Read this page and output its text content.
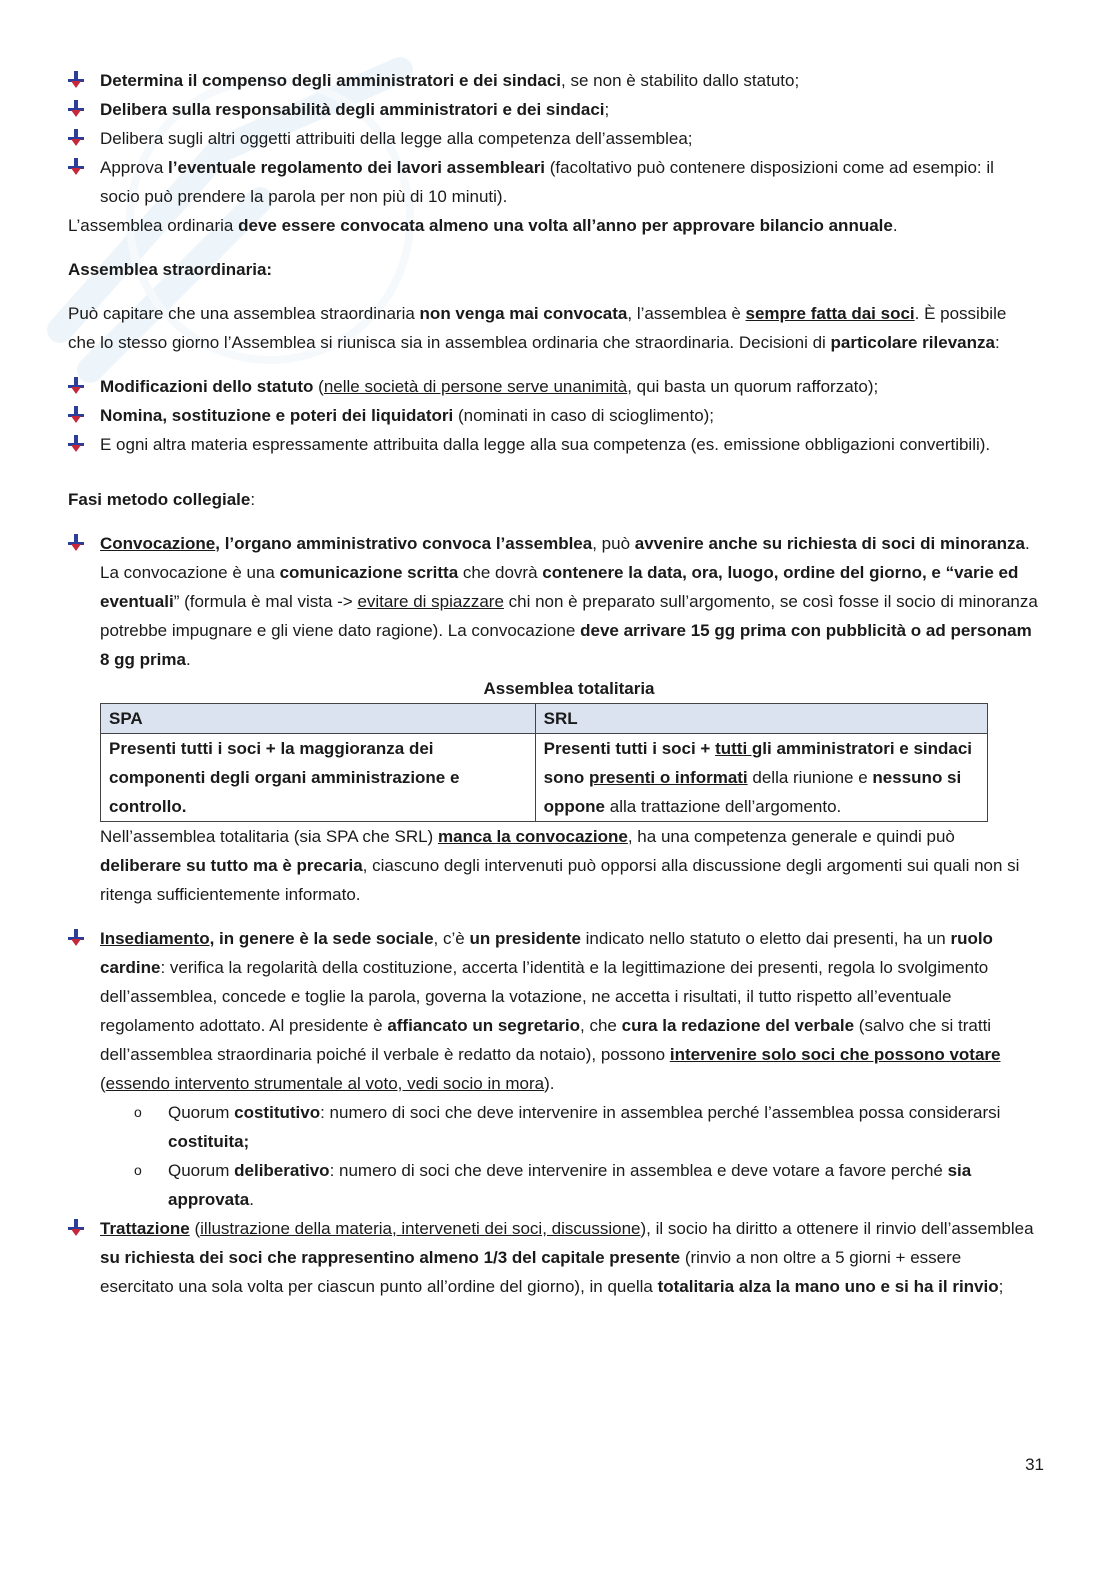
Determina il compenso degli amministratori e dei sindaci, se non è stabilito dallo statuto;
Delibera sulla responsabilità degli amministratori e dei sindaci;
Delibera sugli altri oggetti attribuiti della legge alla competenza dell’assemblea;
Approva l’eventuale regolamento dei lavori assembleari (facoltativo può contenere disposizioni come ad esempio: il socio può prendere la parola per non più di 10 minuti).

L’assemblea ordinaria deve essere convocata almeno una volta all’anno per approvare bilancio annuale.

Assemblea straordinaria:

Può capitare che una assemblea straordinaria non venga mai convocata, l’assemblea è sempre fatta dai soci. È possibile che lo stesso giorno l’Assemblea si riunisca sia in assemblea ordinaria che straordinaria. Decisioni di particolare rilevanza:

Modificazioni dello statuto (nelle società di persone serve unanimità, qui basta un quorum rafforzato);
Nomina, sostituzione e poteri dei liquidatori (nominati in caso di scioglimento);
E ogni altra materia espressamente attribuita dalla legge alla sua competenza (es. emissione obbligazioni convertibili).

Fasi metodo collegiale:

Convocazione, l’organo amministrativo convoca l’assemblea, può avvenire anche su richiesta di soci di minoranza. La convocazione è una comunicazione scritta che dovrà contenere la data, ora, luogo, ordine del giorno, e “varie ed eventuali” (formula è mal vista -> evitare di spiazzare chi non è preparato sull’argomento, se così fosse il socio di minoranza potrebbe impugnare e gli viene dato ragione). La convocazione deve arrivare 15 gg prima con pubblicità o ad personam 8 gg prima.
Assemblea totalitaria
SPA	SRL
Presenti tutti i soci + la maggioranza dei componenti degli organi amministrazione e controllo.	Presenti tutti i soci + tutti gli amministratori e sindaci sono presenti o informati della riunione e nessuno si oppone alla trattazione dell’argomento.

Nell’assemblea totalitaria (sia SPA che SRL) manca la convocazione, ha una competenza generale e quindi può deliberare su tutto ma è precaria, ciascuno degli intervenuti può opporsi alla discussione degli argomenti sui quali non si ritenga sufficientemente informato.

Insediamento, in genere è la sede sociale, c’è un presidente indicato nello statuto o eletto dai presenti, ha un ruolo cardine: verifica la regolarità della costituzione, accerta l’identità e la legittimazione dei presenti, regola lo svolgimento dell’assemblea, concede e toglie la parola, governa la votazione, ne accetta i risultati, il tutto rispetto all’eventuale regolamento adottato. Al presidente è affiancato un segretario, che cura la redazione del verbale (salvo che si tratti dell’assemblea straordinaria poiché il verbale è redatto da notaio), possono intervenire solo soci che possono votare (essendo intervento strumentale al voto, vedi socio in mora).
o Quorum costitutivo: numero di soci che deve intervenire in assemblea perché l’assemblea possa considerarsi costituita;
o Quorum deliberativo: numero di soci che deve intervenire in assemblea e deve votare a favore perché sia approvata.
Trattazione (illustrazione della materia, interveneti dei soci, discussione), il socio ha diritto a ottenere il rinvio dell’assemblea su richiesta dei soci che rappresentino almeno 1/3 del capitale presente (rinvio a non oltre a 5 giorni + essere esercitato una sola volta per ciascun punto all’ordine del giorno), in quella totalitaria alza la mano uno e si ha il rinvio;
31
